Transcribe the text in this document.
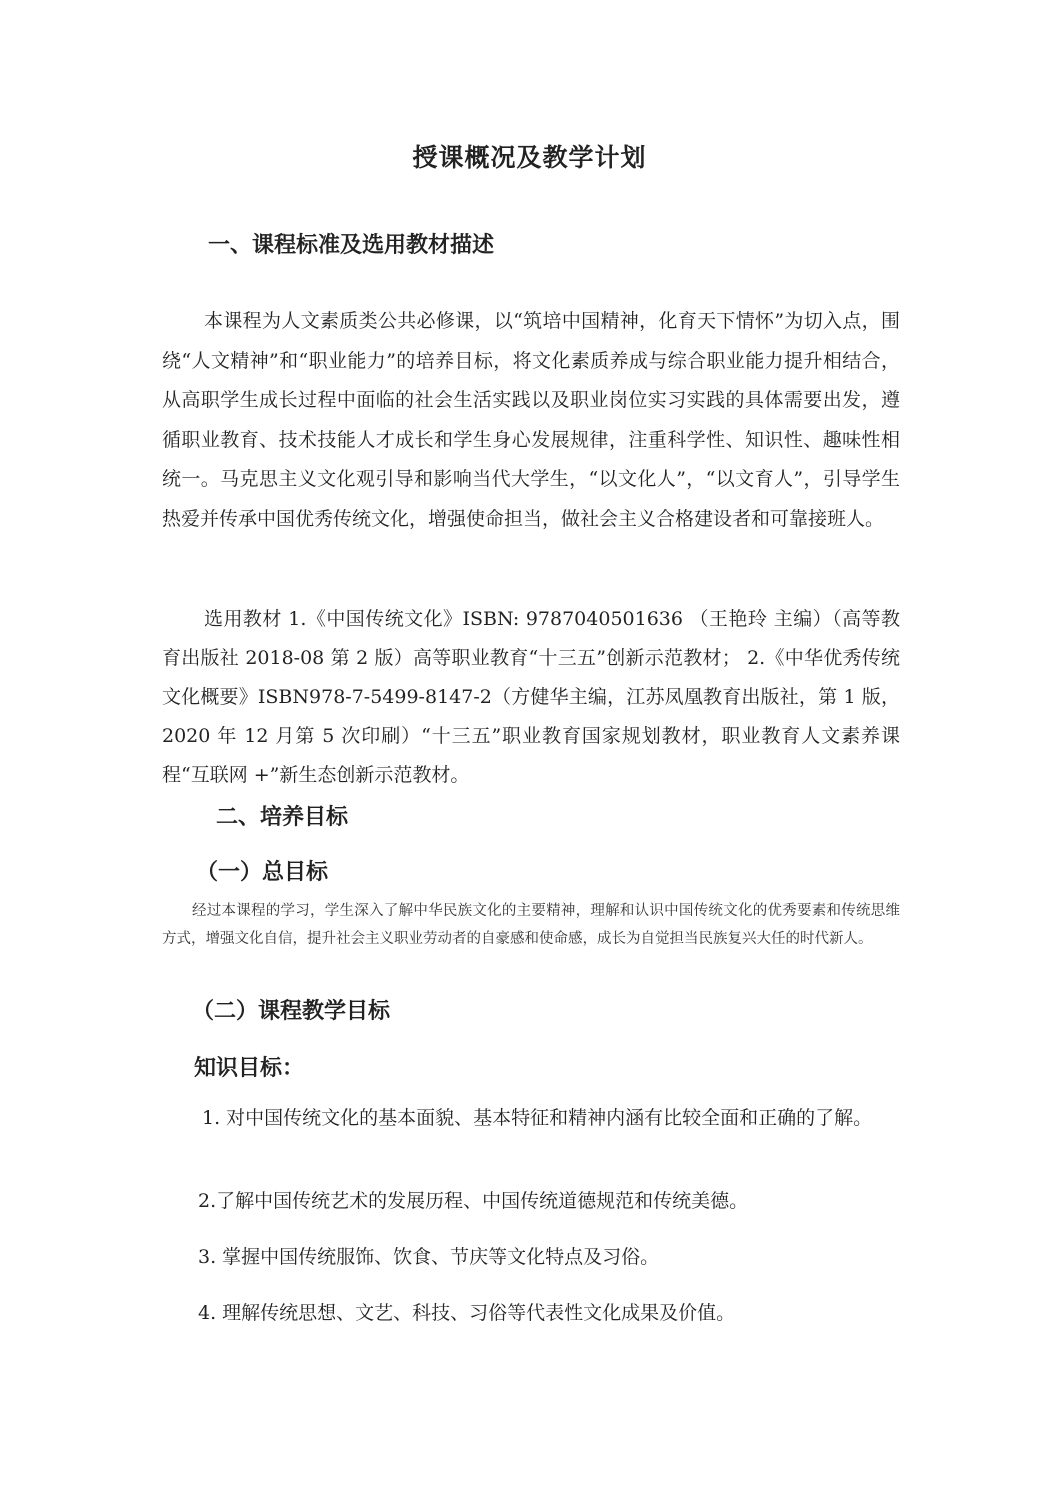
授课概况及教学计划
一、课程标准及选用教材描述

本课程为人文素质类公共必修课，以“筑培中国精神，化育天下情怀”为切入点，围绕“人文精神”和“职业能力”的培养目标，将文化素质养成与综合职业能力提升相结合，从高职学生成长过程中面临的社会生活实践以及职业岗位实习实践的具体需要出发，遵循职业教育、技术技能人才成长和学生身心发展规律，注重科学性、知识性、趣味性相统一。马克思主义文化观引导和影响当代大学生，“以文化人”，“以文育人”，引导学生热爱并传承中国优秀传统文化，增强使命担当，做社会主义合格建设者和可靠接班人。

选用教材 1.《中国传统文化》ISBN: 9787040501636 （王艳玲 主编）（高等教育出版社 2018-08 第 2 版）高等职业教育“十三五”创新示范教材； 2.《中华优秀传统文化概要》ISBN978-7-5499-8147-2（方健华主编，江苏凤凰教育出版社，第 1 版，2020 年 12 月第 5 次印刷）“十三五”职业教育国家规划教材，职业教育人文素养课程“互联网 +”新生态创新示范教材。

二、培养目标
（一）总目标

经过本课程的学习，学生深入了解中华民族文化的主要精神，理解和认识中国传统文化的优秀要素和传统思维方式，增强文化自信，提升社会主义职业劳动者的自豪感和使命感，成长为自觉担当民族复兴大任的时代新人。

（二）课程教学目标
知识目标：

1. 对中国传统文化的基本面貌、基本特征和精神内涵有比较全面和正确的了解。

2.了解中国传统艺术的发展历程、中国传统道德规范和传统美德。

3. 掌握中国传统服饰、饮食、节庆等文化特点及习俗。

4. 理解传统思想、文艺、科技、习俗等代表性文化成果及价值。
